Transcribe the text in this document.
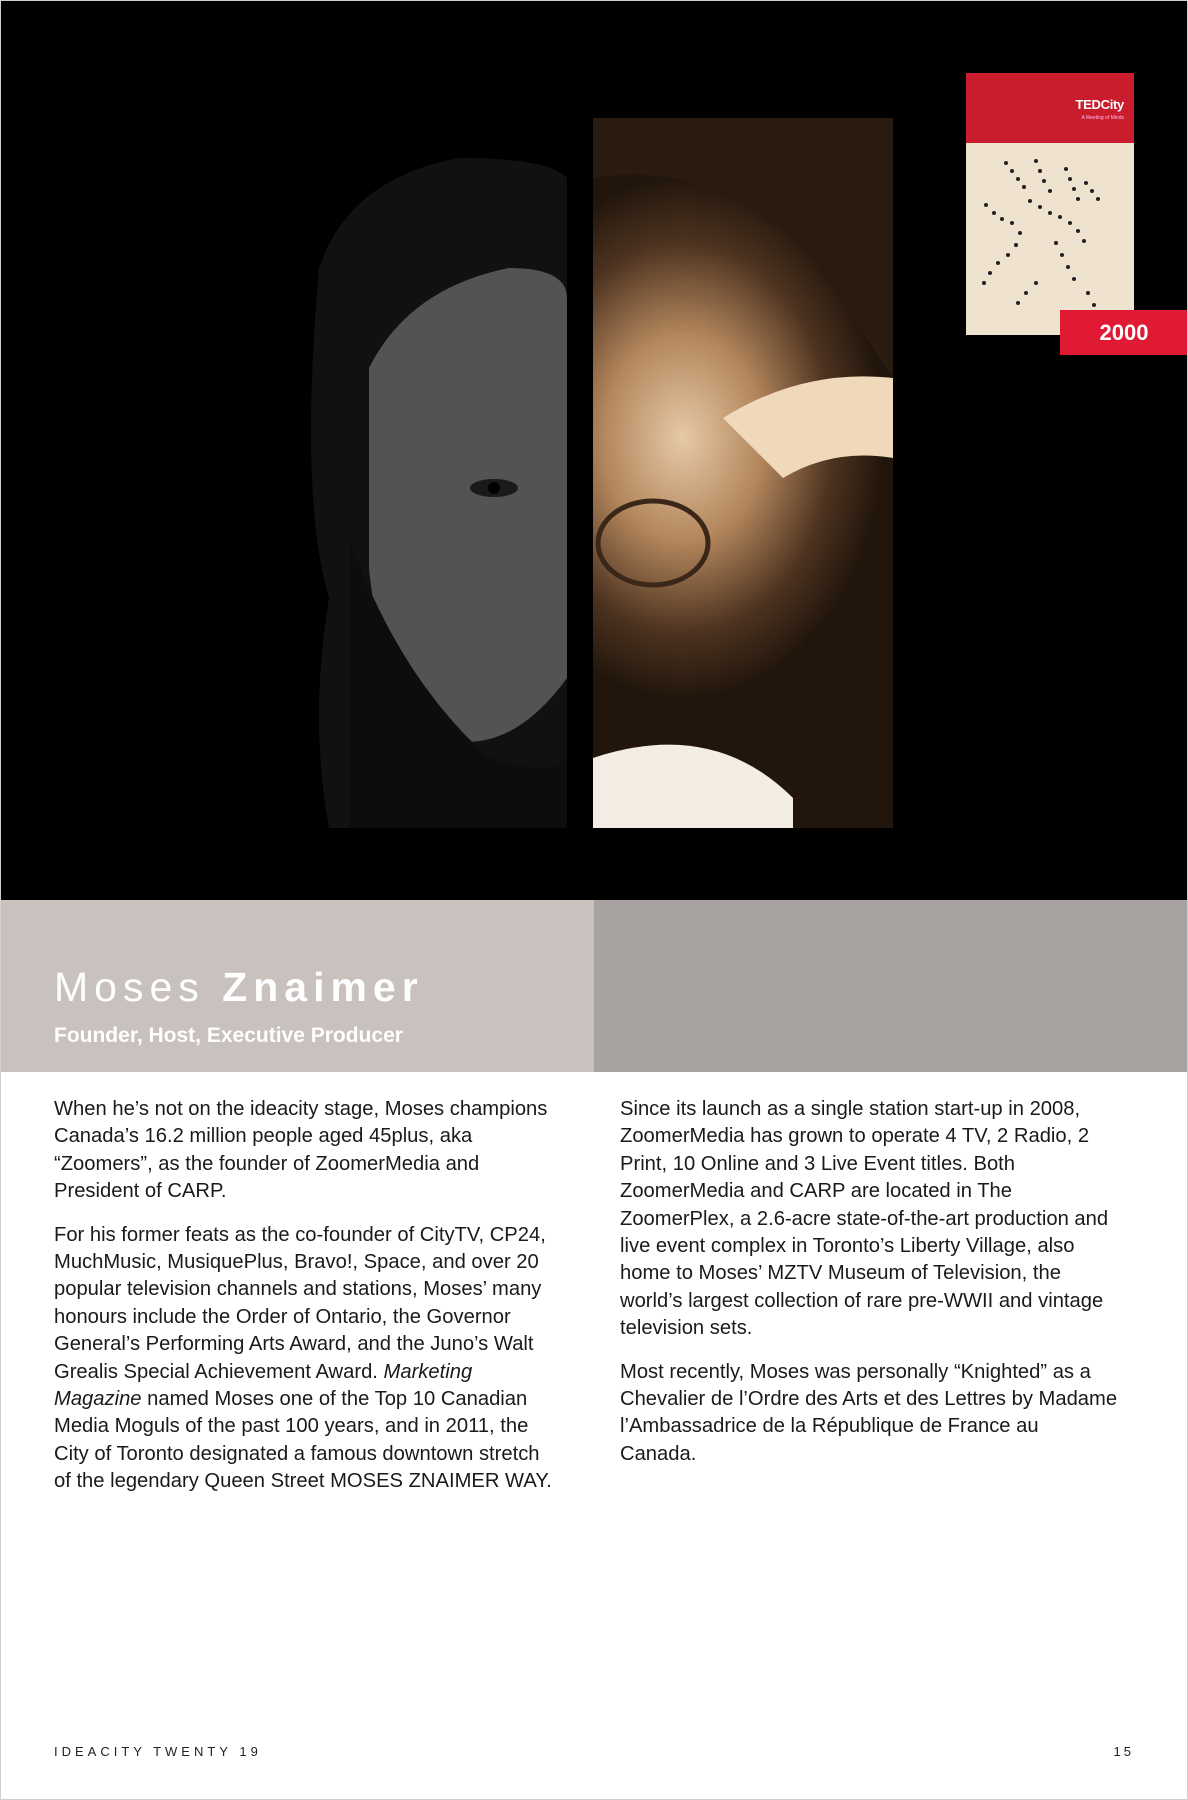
TEDCity
A Meeting of Minds
2000
Moses Znaimer
Founder, Host, Executive Producer

When he’s not on the ideacity stage, Moses champions Canada’s 16.2 million people aged 45plus, aka “Zoomers”, as the founder of ZoomerMedia and President of CARP.

For his former feats as the co-founder of CityTV, CP24, MuchMusic, MusiquePlus, Bravo!, Space, and over 20 popular television channels and stations, Moses’ many honours include the Order of Ontario, the Governor General’s Performing Arts Award, and the Juno’s Walt Grealis Special Achievement Award. Marketing Magazine named Moses one of the Top 10 Canadian Media Moguls of the past 100 years, and in 2011, the City of Toronto designated a famous downtown stretch of the legendary Queen Street MOSES ZNAIMER WAY.

Since its launch as a single station start-up in 2008, ZoomerMedia has grown to operate 4 TV, 2 Radio, 2 Print, 10 Online and 3 Live Event titles. Both ZoomerMedia and CARP are located in The ZoomerPlex, a 2.6-acre state-of-the-art production and live event complex in Toronto’s Liberty Village, also home to Moses’ MZTV Museum of Television, the world’s largest collection of rare pre-WWII and vintage television sets.

Most recently, Moses was personally “Knighted” as a Chevalier de l’Ordre des Arts et des Lettres by Madame l’Ambassadrice de la République de France au Canada.

IDEACITY TWENTY 19	15
